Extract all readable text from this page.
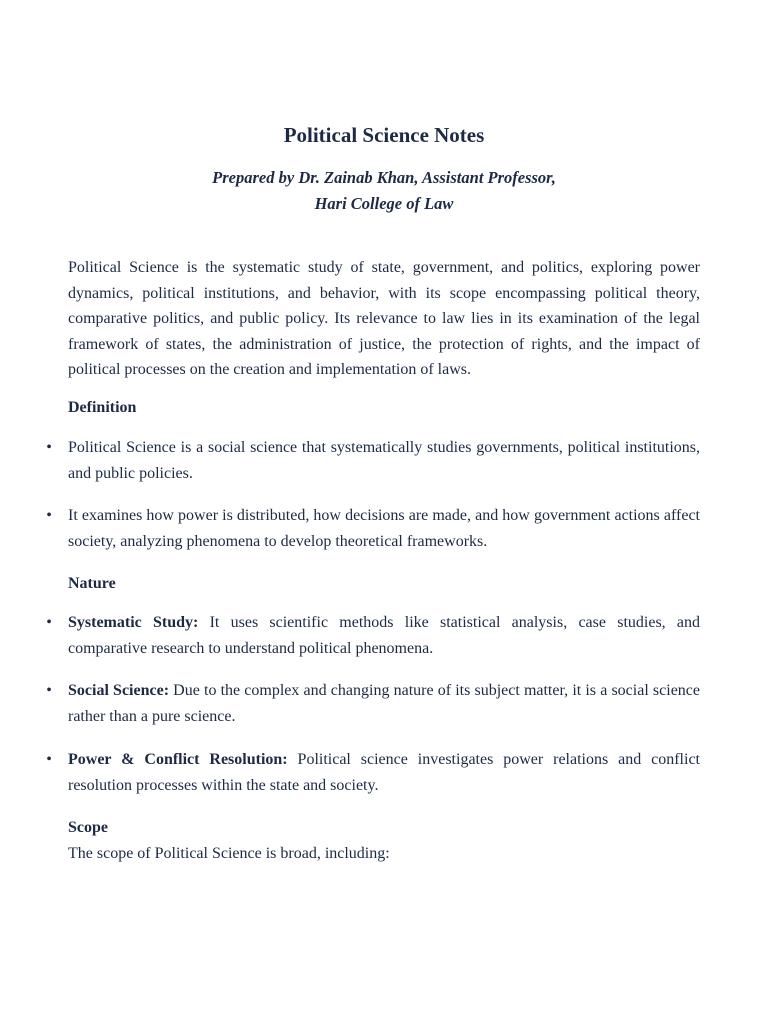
Political Science Notes
Prepared by Dr. Zainab Khan, Assistant Professor,
Hari College of Law

Political Science is the systematic study of state, government, and politics, exploring power dynamics, political institutions, and behavior, with its scope encompassing political theory, comparative politics, and public policy. Its relevance to law lies in its examination of the legal framework of states, the administration of justice, the protection of rights, and the impact of political processes on the creation and implementation of laws.

Definition

• Political Science is a social science that systematically studies governments, political institutions, and public policies.
• It examines how power is distributed, how decisions are made, and how government actions affect society, analyzing phenomena to develop theoretical frameworks.

Nature

• Systematic Study: It uses scientific methods like statistical analysis, case studies, and comparative research to understand political phenomena.
• Social Science: Due to the complex and changing nature of its subject matter, it is a social science rather than a pure science.
• Power & Conflict Resolution: Political science investigates power relations and conflict resolution processes within the state and society.

Scope

The scope of Political Science is broad, including:
